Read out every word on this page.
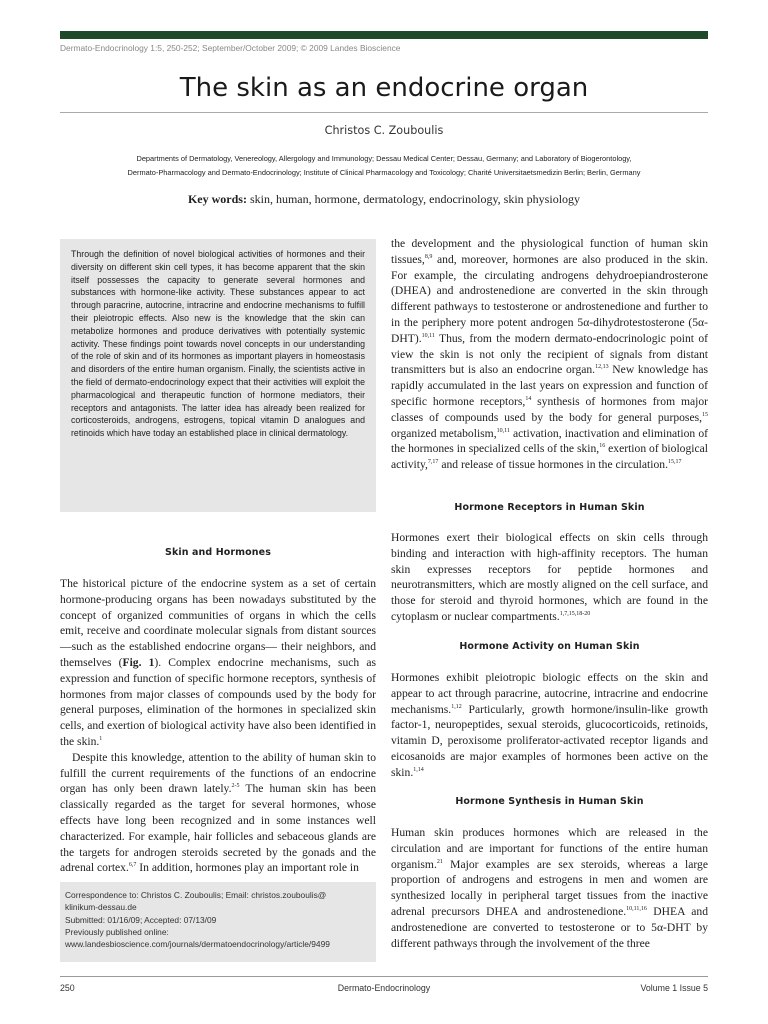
Dermato-Endocrinology 1:5, 250-252; September/October 2009; © 2009 Landes Bioscience
The skin as an endocrine organ
Christos C. Zouboulis
Departments of Dermatology, Venereology, Allergology and Immunology; Dessau Medical Center; Dessau, Germany; and Laboratory of Biogerontology,
Dermato-Pharmacology and Dermato-Endocrinology; Institute of Clinical Pharmacology and Toxicology; Charité Universitaetsmedizin Berlin; Berlin, Germany
Key words: skin, human, hormone, dermatology, endocrinology, skin physiology

Through the definition of novel biological activities of hormones and their diversity on different skin cell types, it has become apparent that the skin itself possesses the capacity to generate several hormones and substances with hormone-like activity. These substances appear to act through paracrine, autocrine, intracrine and endocrine mechanisms to fulfill their pleiotropic effects. Also new is the knowledge that the skin can metabolize hormones and produce derivatives with potentially systemic activity. These findings point towards novel concepts in our understanding of the role of skin and of its hormones as important players in homeostasis and disorders of the entire human organism. Finally, the scientists active in the field of dermato-endocrinology expect that their activities will exploit the pharmacological and therapeutic function of hormone mediators, their receptors and antagonists. The latter idea has already been realized for corticosteroids, androgens, estrogens, topical vitamin D analogues and retinoids which have today an established place in clinical dermatology.

Skin and Hormones

The historical picture of the endocrine system as a set of certain hormone-producing organs has been nowadays substituted by the concept of organized communities of organs in which the cells emit, receive and coordinate molecular signals from distant sources—such as the established endocrine organs— their neighbors, and themselves (Fig. 1). Complex endocrine mechanisms, such as expression and function of specific hormone receptors, synthesis of hormones from major classes of compounds used by the body for general purposes, elimination of the hormones in specialized skin cells, and exertion of biological activity have also been identified in the skin.$^1$

Despite this knowledge, attention to the ability of human skin to fulfill the current requirements of the functions of an endocrine organ has only been drawn lately.$^{2-5}$ The human skin has been classically regarded as the target for several hormones, whose effects have long been recognized and in some instances well characterized. For example, hair follicles and sebaceous glands are the targets for androgen steroids secreted by the gonads and the adrenal cortex.$^{6,7}$ In addition, hormones play an important role in

Correspondence to: Christos C. Zouboulis; Email: christos.zouboulis@
klinikum-dessau.de
Submitted: 01/16/09; Accepted: 07/13/09
Previously published online:
www.landesbioscience.com/journals/dermatoendocrinology/article/9499

the development and the physiological function of human skin tissues,$^{8,9}$ and, moreover, hormones are also produced in the skin. For example, the circulating androgens dehydroepiandrosterone (DHEA) and androstenedione are converted in the skin through different pathways to testosterone or androstenedione and further to in the periphery more potent androgen 5α-dihydrotestosterone (5α-DHT).$^{10,11}$ Thus, from the modern dermato-endocrinologic point of view the skin is not only the recipient of signals from distant transmitters but is also an endocrine organ.$^{12,13}$ New knowledge has rapidly accumulated in the last years on expression and function of specific hormone receptors,$^{14}$ synthesis of hormones from major classes of compounds used by the body for general purposes,$^{15}$ organized metabolism,$^{10,11}$ activation, inactivation and elimination of the hormones in specialized cells of the skin,$^{16}$ exertion of biological activity,$^{7,17}$ and release of tissue hormones in the circulation.$^{15,17}$

Hormone Receptors in Human Skin

Hormones exert their biological effects on skin cells through binding and interaction with high-affinity receptors. The human skin expresses receptors for peptide hormones and neurotransmitters, which are mostly aligned on the cell surface, and those for steroid and thyroid hormones, which are found in the cytoplasm or nuclear compartments.$^{1,7,15,18-20}$

Hormone Activity on Human Skin

Hormones exhibit pleiotropic biologic effects on the skin and appear to act through paracrine, autocrine, intracrine and endocrine mechanisms.$^{1,12}$ Particularly, growth hormone/insulin-like growth factor-1, neuropeptides, sexual steroids, glucocorticoids, retinoids, vitamin D, peroxisome proliferator-activated receptor ligands and eicosanoids are major examples of hormones been active on the skin.$^{1,14}$

Hormone Synthesis in Human Skin

Human skin produces hormones which are released in the circulation and are important for functions of the entire human organism.$^{21}$ Major examples are sex steroids, whereas a large proportion of androgens and estrogens in men and women are synthesized locally in peripheral target tissues from the inactive adrenal precursors DHEA and androstenedione.$^{10,11,16}$ DHEA and androstenedione are converted to testosterone or to 5α-DHT by different pathways through the involvement of the three

250	Dermato-Endocrinology	Volume 1 Issue 5
